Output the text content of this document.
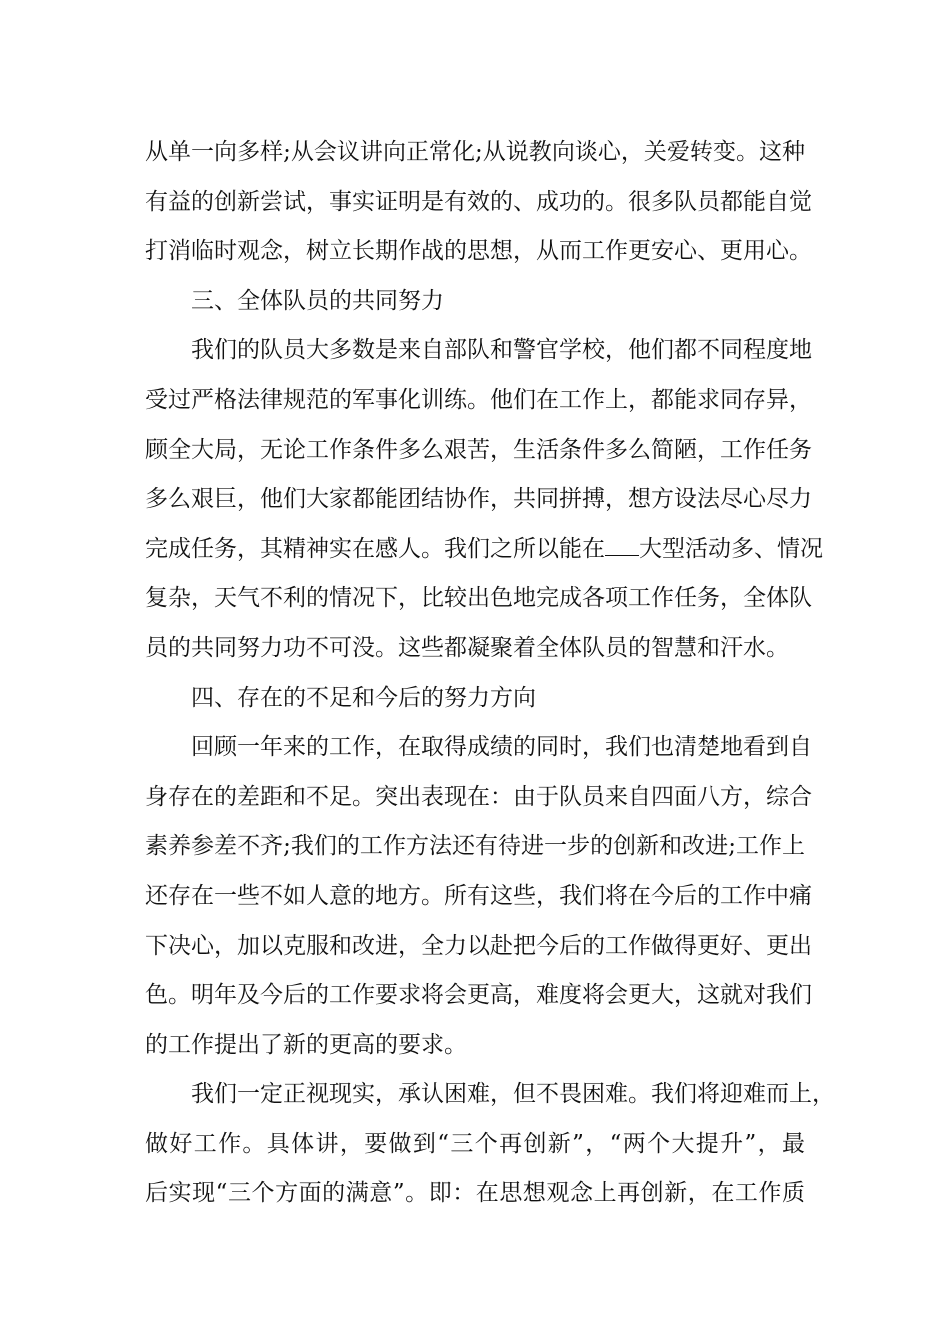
从单一向多样;从会议讲向正常化;从说教向谈心，关爱转变。这种
有益的创新尝试，事实证明是有效的、成功的。很多队员都能自觉
打消临时观念，树立长期作战的思想，从而工作更安心、更用心。
三、全体队员的共同努力
我们的队员大多数是来自部队和警官学校，他们都不同程度地
受过严格法律规范的军事化训练。他们在工作上，都能求同存异，
顾全大局，无论工作条件多么艰苦，生活条件多么简陋，工作任务
多么艰巨，他们大家都能团结协作，共同拼搏，想方设法尽心尽力
完成任务，其精神实在感人。我们之所以能在 大型活动多、情况
复杂，天气不利的情况下，比较出色地完成各项工作任务，全体队
员的共同努力功不可没。这些都凝聚着全体队员的智慧和汗水。
四、存在的不足和今后的努力方向
回顾一年来的工作，在取得成绩的同时，我们也清楚地看到自
身存在的差距和不足。突出表现在：由于队员来自四面八方，综合
素养参差不齐;我们的工作方法还有待进一步的创新和改进;工作上
还存在一些不如人意的地方。所有这些，我们将在今后的工作中痛
下决心，加以克服和改进，全力以赴把今后的工作做得更好、更出
色。明年及今后的工作要求将会更高，难度将会更大，这就对我们
的工作提出了新的更高的要求。
我们一定正视现实，承认困难，但不畏困难。我们将迎难而上，
做好工作。具体讲，要做到“三个再创新”，“两个大提升”，最
后实现“三个方面的满意”。即：在思想观念上再创新，在工作质
